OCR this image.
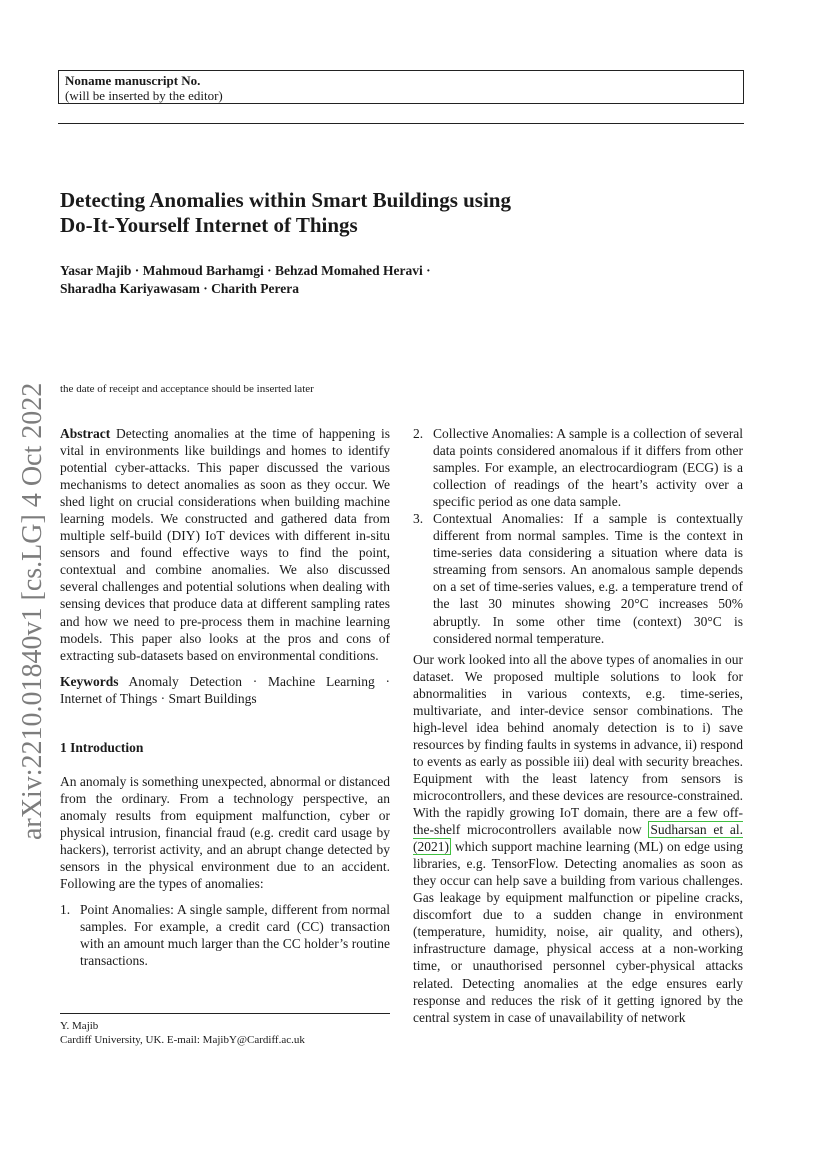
Noname manuscript No.
(will be inserted by the editor)
Detecting Anomalies within Smart Buildings using
Do-It-Yourself Internet of Things
Yasar Majib · Mahmoud Barhamgi · Behzad Momahed Heravi ·
Sharadha Kariyawasam · Charith Perera
the date of receipt and acceptance should be inserted later
arXiv:2210.01840v1 [cs.LG] 4 Oct 2022 Abstract Detecting anomalies at the time of happening is vital in environments like buildings and homes to identify potential cyber-attacks. This paper discussed the various mechanisms to detect anomalies as soon as they occur. We shed light on crucial considerations when building machine learning models. We constructed and gathered data from multiple self-build (DIY) IoT devices with different in-situ sensors and found effective ways to find the point, contextual and combine anomalies. We also discussed several challenges and potential solutions when dealing with sensing devices that produce data at different sampling rates and how we need to pre-process them in machine learning models. This paper also looks at the pros and cons of extracting sub-datasets based on environmental conditions.

Keywords Anomaly Detection · Machine Learning · Internet of Things · Smart Buildings

1 Introduction

An anomaly is something unexpected, abnormal or distanced from the ordinary. From a technology perspective, an anomaly results from equipment malfunction, cyber or physical intrusion, financial fraud (e.g. credit card usage by hackers), terrorist activity, and an abrupt change detected by sensors in the physical environment due to an accident. Following are the types of anomalies:

1. Point Anomalies: A single sample, different from normal samples. For example, a credit card (CC) transaction with an amount much larger than the CC holder’s routine transactions.
Y. Majib
Cardiff University, UK. E-mail: MajibY@Cardiff.ac.uk
2. Collective Anomalies: A sample is a collection of several data points considered anomalous if it differs from other samples. For example, an electrocardiogram (ECG) is a collection of readings of the heart’s activity over a specific period as one data sample.
3. Contextual Anomalies: If a sample is contextually different from normal samples. Time is the context in time-series data considering a situation where data is streaming from sensors. An anomalous sample depends on a set of time-series values, e.g. a temperature trend of the last 30 minutes showing 20°C increases 50% abruptly. In some other time (context) 30°C is considered normal temperature.

Our work looked into all the above types of anomalies in our dataset. We proposed multiple solutions to look for abnormalities in various contexts, e.g. time-series, multivariate, and inter-device sensor combinations. The high-level idea behind anomaly detection is to i) save resources by finding faults in systems in advance, ii) respond to events as early as possible iii) deal with security breaches. Equipment with the least latency from sensors is microcontrollers, and these devices are resource-constrained. With the rapidly growing IoT domain, there are a few off-the-shelf microcontrollers available now Sudharsan et al. (2021) which support machine learning (ML) on edge using libraries, e.g. TensorFlow. Detecting anomalies as soon as they occur can help save a building from various challenges. Gas leakage by equipment malfunction or pipeline cracks, discomfort due to a sudden change in environment (temperature, humidity, noise, air quality, and others), infrastructure damage, physical access at a non-working time, or unauthorised personnel cyber-physical attacks related. Detecting anomalies at the edge ensures early response and reduces the risk of it getting ignored by the central system in case of unavailability of network
